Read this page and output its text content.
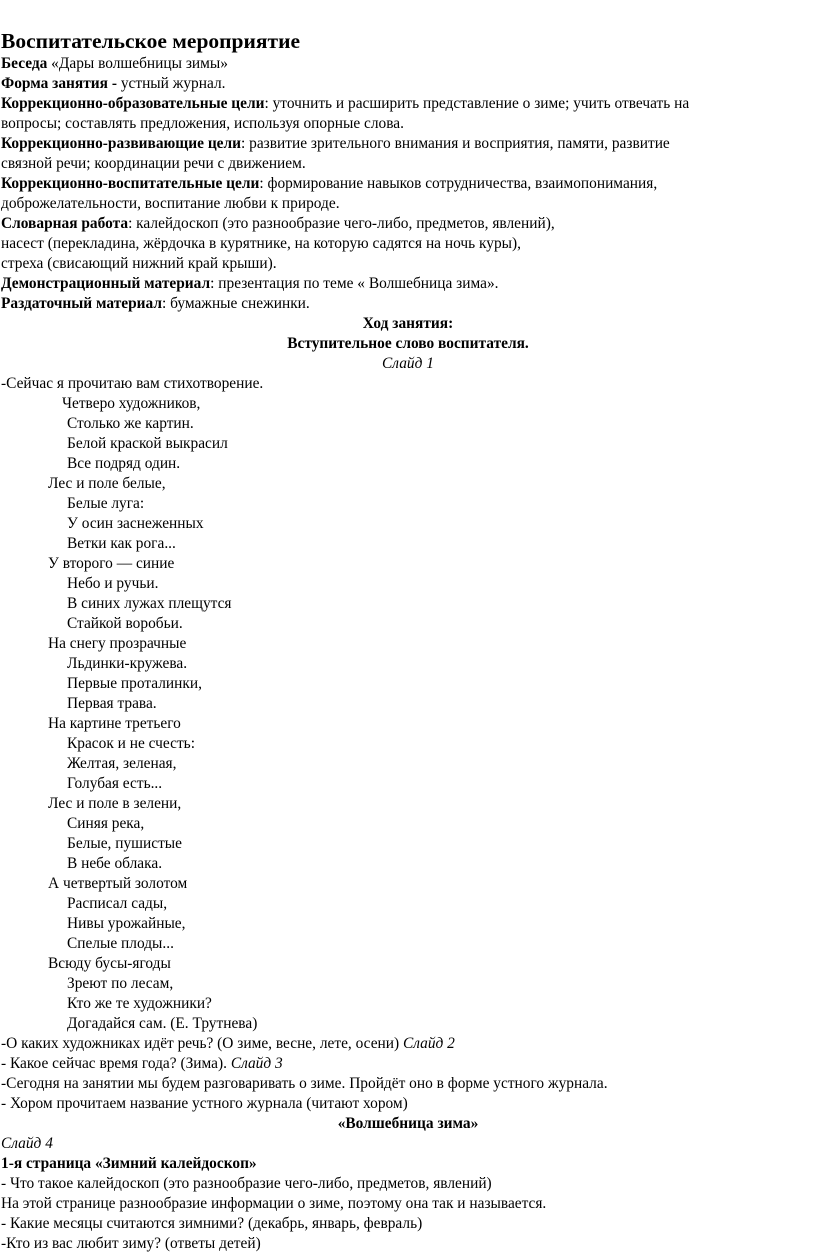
Воспитательское мероприятие
Беседа «Дары волшебницы зимы»
Форма занятия - устный журнал.
Коррекционно-образовательные цели: уточнить и расширить представление о зиме; учить отвечать на
вопросы; составлять предложения, используя опорные слова.
Коррекционно-развивающие цели: развитие зрительного внимания и восприятия, памяти, развитие
связной речи; координации речи с движением.
Коррекционно-воспитательные цели: формирование навыков сотрудничества, взаимопонимания,
доброжелательности, воспитание любви к природе.
Словарная работа: калейдоскоп (это разнообразие чего-либо, предметов, явлений),
насест (перекладина, жёрдочка в курятнике, на которую садятся на ночь куры),
стреха (свисающий нижний край крыши).
Демонстрационный материал: презентация по теме « Волшебница зима».
Раздаточный материал: бумажные снежинки.
Ход занятия:
Вступительное слово воспитателя.
Слайд 1
-Сейчас я прочитаю вам стихотворение.
Четверо художников,
Столько же картин.
Белой краской выкрасил
Все подряд один.
Лес и поле белые,
Белые луга:
У осин заснеженных
Ветки как рога...
У второго — синие
Небо и ручьи.
В синих лужах плещутся
Стайкой воробьи.
На снегу прозрачные
Льдинки-кружева.
Первые проталинки,
Первая трава.
На картине третьего
Красок и не счесть:
Желтая, зеленая,
Голубая есть...
Лес и поле в зелени,
Синяя река,
Белые, пушистые
В небе облака.
А четвертый золотом
Расписал сады,
Нивы урожайные,
Спелые плоды...
Всюду бусы-ягоды
Зреют по лесам,
Кто же те художники?
Догадайся сам. (Е. Трутнева)
-О каких художниках идёт речь? (О зиме, весне, лете, осени) Слайд 2
- Какое сейчас время года? (Зима). Слайд 3
-Сегодня на занятии мы будем разговаривать о зиме. Пройдёт оно в форме устного журнала.
- Хором прочитаем название устного журнала (читают хором)
«Волшебница зима»
Слайд 4
1-я страница «Зимний калейдоскоп»
- Что такое калейдоскоп (это разнообразие чего-либо, предметов, явлений)
На этой странице разнообразие информации о зиме, поэтому она так и называется.
- Какие месяцы считаются зимними? (декабрь, январь, февраль)
-Кто из вас любит зиму? (ответы детей)
